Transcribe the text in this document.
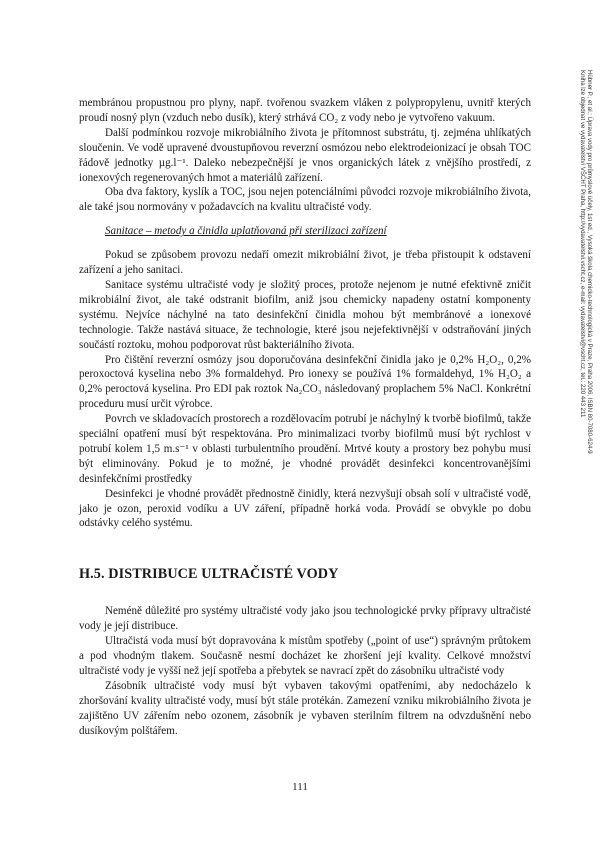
Hübner P., et al.: Úprava vody pro průmyslové účely, 1st ed., Vysoká škola chemicko-technologická v Praze, Praha 2006, ISBN 80-7080-624-9
Kniha lze objednat ve vydavatelství VŠCHT Praha, http://vydavatelstvi.vscht.cz, e-mail: vydavatelstvi@vscht.cz, tel.: 220 443 211

membránou propustnou pro plyny, např. tvořenou svazkem vláken z polypropylenu, uvnitř kterých proudí nosný plyn (vzduch nebo dusík), který strhává CO₂ z vody nebo je vytvořeno vakuum.

Další podmínkou rozvoje mikrobiálního života je přítomnost substrátu, tj. zejména uhlíkatých sloučenin. Ve vodě upravené dvoustupňovou reverzní osmózou nebo elektrodeionizací je obsah TOC řádově jednotky µg.l⁻¹. Daleko nebezpečnější je vnos organických látek z vnějšího prostředí, z ionexových regenerovaných hmot a materiálů zařízení.

Oba dva faktory, kyslík a TOC, jsou nejen potenciálními původci rozvoje mikrobiálního života, ale také jsou normovány v požadavcích na kvalitu ultračisté vody.

Sanitace – metody a činidla uplatňovaná při sterilizaci zařízení

Pokud se způsobem provozu nedaří omezit mikrobiální život, je třeba přistoupit k odstavení zařízení a jeho sanitaci.

Sanitace systému ultračisté vody je složitý proces, protože nejenom je nutné efektivně zničit mikrobiální život, ale také odstranit biofilm, aniž jsou chemicky napadeny ostatní komponenty systému. Nejvíce náchylné na tato desinfekční činidla mohou být membránové a ionexové technologie. Takže nastává situace, že technologie, které jsou nejefektivnější v odstraňování jiných součástí roztoku, mohou podporovat růst bakteriálního života.

Pro čištění reverzní osmózy jsou doporučována desinfekční činidla jako je 0,2% H₂O₂, 0,2% peroxoctová kyselina nebo 3% formaldehyd. Pro ionexy se používá 1% formaldehyd, 1% H₂O₂ a 0,2% peroctová kyselina. Pro EDI pak roztok Na₂CO₃ následovaný proplachem 5% NaCl. Konkrétní proceduru musí určit výrobce.

Povrch ve skladovacích prostorech a rozdělovacím potrubí je náchylný k tvorbě biofilmů, takže speciální opatření musí být respektována. Pro minimalizaci tvorby biofilmů musí být rychlost v potrubí kolem 1,5 m.s⁻¹ v oblasti turbulentního proudění. Mrtvé kouty a prostory bez pohybu musí být eliminovány. Pokud je to možné, je vhodné provádět desinfekci koncentrovanějšími desinfekčními prostředky

Desinfekci je vhodné provádět přednostně činidly, která nezvyšují obsah solí v ultračisté vodě, jako je ozon, peroxid vodíku a UV záření, případně horká voda. Provádí se obvykle po dobu odstávky celého systému.

H.5. DISTRIBUCE ULTRAČISTÉ VODY

Neméně důležité pro systémy ultračisté vody jako jsou technologické prvky přípravy ultračisté vody je její distribuce.

Ultračistá voda musí být dopravována k místům spotřeby („point of use“) správným průtokem a pod vhodným tlakem. Současně nesmí docházet ke zhoršení její kvality. Celkové množství ultračisté vody je vyšší než její spotřeba a přebytek se navrací zpět do zásobníku ultračisté vody

Zásobník ultračisté vody musí být vybaven takovými opatřeními, aby nedocházelo k zhoršování kvality ultračisté vody, musí být stále protékán. Zamezení vzniku mikrobiálního života je zajištěno UV zářením nebo ozonem, zásobník je vybaven sterilním filtrem na odvzdušnění nebo dusíkovým polštářem.

111
